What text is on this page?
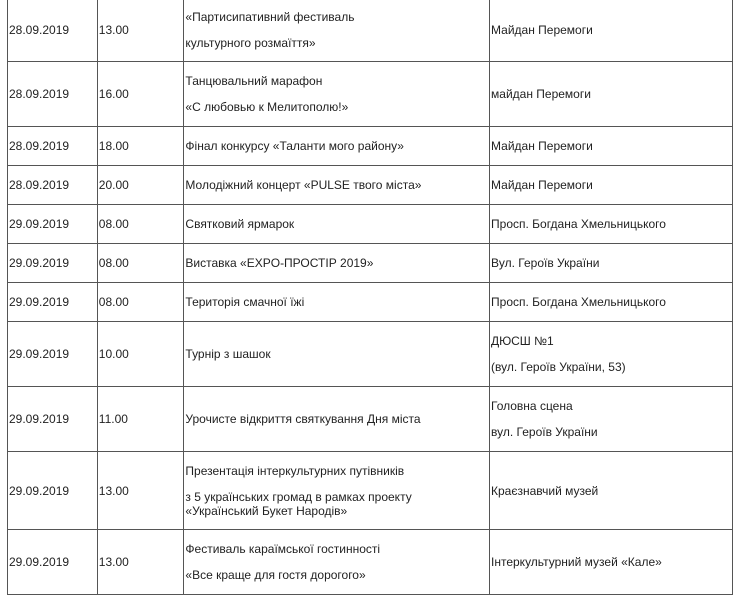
28.09.2019	13.00	«Партисипативний фестиваль
культурного розмаїття»	Майдан Перемоги

28.09.2019	16.00	Танцювальний марафон
«С любовью к Мелитополю!»	майдан Перемоги

28.09.2019	18.00	Фінал конкурсу «Таланти мого району»	Майдан Перемоги

28.09.2019	20.00	Молодіжний концерт «PULSE твого міста»	Майдан Перемоги

29.09.2019	08.00	Святковий ярмарок	Просп. Богдана Хмельницького

29.09.2019	08.00	Виставка «EXPO-ПРОСТІР 2019»	Вул. Героїв України

29.09.2019	08.00	Територія смачної їжі	Просп. Богдана Хмельницького

29.09.2019	10.00	Турнір з шашок	ДЮСШ №1
(вул. Героїв України, 53)

29.09.2019	11.00	Урочисте відкриття святкування Дня міста	Головна сцена
вул. Героїв України

29.09.2019	13.00	Презентація інтеркультурних путівників
з 5 українських громад в рамках проекту «Український Букет Народів»	Краєзнавчий музей

29.09.2019	13.00	Фестиваль караїмської гостинності
«Все краще для гостя дорогого»	Інтеркультурний музей «Кале»
